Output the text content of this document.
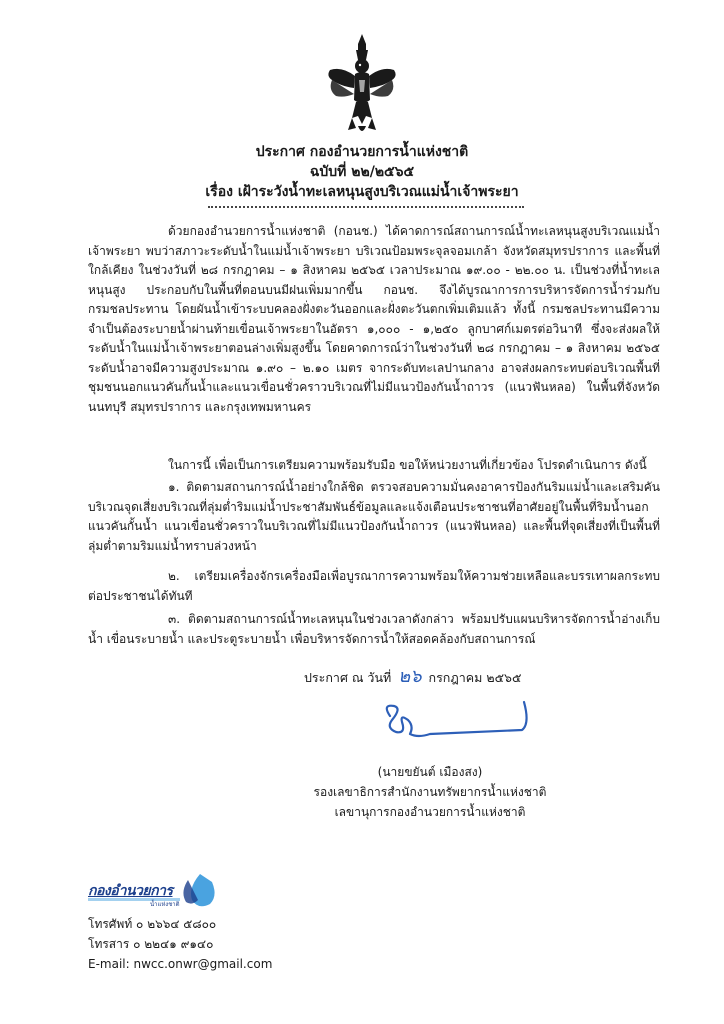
ประกาศ กองอำนวยการน้ำแห่งชาติ
ฉบับที่ ๒๒/๒๕๖๕
เรื่อง เฝ้าระวังน้ำทะเลหนุนสูงบริเวณแม่น้ำเจ้าพระยา

ด้วยกองอำนวยการน้ำแห่งชาติ (กอนช.) ได้คาดการณ์สถานการณ์น้ำทะเลหนุนสูงบริเวณแม่น้ำเจ้าพระยา พบว่าสภาวะระดับน้ำในแม่น้ำเจ้าพระยา บริเวณป้อมพระจุลจอมเกล้า จังหวัดสมุทรปราการ และพื้นที่ใกล้เคียง ในช่วงวันที่ ๒๘ กรกฎาคม – ๑ สิงหาคม ๒๕๖๕ เวลาประมาณ ๑๙.๐๐ - ๒๒.๐๐ น. เป็นช่วงที่น้ำทะเลหนุนสูง ประกอบกับในพื้นที่ตอนบนมีฝนเพิ่มมากขึ้น กอนช. จึงได้บูรณาการการบริหารจัดการน้ำร่วมกับกรมชลประทาน โดยผันน้ำเข้าระบบคลองฝั่งตะวันออกและฝั่งตะวันตกเพิ่มเติมแล้ว ทั้งนี้ กรมชลประทานมีความจำเป็นต้องระบายน้ำผ่านท้ายเขื่อนเจ้าพระยาในอัตรา ๑,๐๐๐ - ๑,๒๕๐ ลูกบาศก์เมตรต่อวินาที ซึ่งจะส่งผลให้ระดับน้ำในแม่น้ำเจ้าพระยาตอนล่างเพิ่มสูงขึ้น โดยคาดการณ์ว่าในช่วงวันที่ ๒๘ กรกฎาคม – ๑ สิงหาคม ๒๕๖๕ ระดับน้ำอาจมีความสูงประมาณ ๑.๙๐ – ๒.๑๐ เมตร จากระดับทะเลปานกลาง อาจส่งผลกระทบต่อบริเวณพื้นที่ชุมชนนอกแนวคันกั้นน้ำและแนวเขื่อนชั่วคราวบริเวณที่ไม่มีแนวป้องกันน้ำถาวร (แนวฟันหลอ) ในพื้นที่จังหวัดนนทบุรี สมุทรปราการ และกรุงเทพมหานคร

ในการนี้ เพื่อเป็นการเตรียมความพร้อมรับมือ ขอให้หน่วยงานที่เกี่ยวข้อง โปรดดำเนินการ ดังนี้

๑. ติดตามสถานการณ์น้ำอย่างใกล้ชิด ตรวจสอบความมั่นคงอาคารป้องกันริมแม่น้ำและเสริมคันบริเวณจุดเสี่ยงบริเวณที่ลุ่มต่ำริมแม่น้ำประชาสัมพันธ์ข้อมูลและแจ้งเตือนประชาชนที่อาศัยอยู่ในพื้นที่ริมน้ำนอกแนวคันกั้นน้ำ แนวเขื่อนชั่วคราวในบริเวณที่ไม่มีแนวป้องกันน้ำถาวร (แนวฟันหลอ) และพื้นที่จุดเสี่ยงที่เป็นพื้นที่ลุ่มต่ำตามริมแม่น้ำทราบล่วงหน้า

๒. เตรียมเครื่องจักรเครื่องมือเพื่อบูรณาการความพร้อมให้ความช่วยเหลือและบรรเทาผลกระทบต่อประชาชนได้ทันที

๓. ติดตามสถานการณ์น้ำทะเลหนุนในช่วงเวลาดังกล่าว พร้อมปรับแผนบริหารจัดการน้ำอ่างเก็บน้ำ เขื่อนระบายน้ำ และประตูระบายน้ำ เพื่อบริหารจัดการน้ำให้สอดคล้องกับสถานการณ์

ประกาศ ณ วันที่ ๒๖ กรกฎาคม ๒๕๖๕
(นายขยันต์ เมืองสง)
รองเลขาธิการสำนักงานทรัพยากรน้ำแห่งชาติ
เลขานุการกองอำนวยการน้ำแห่งชาติ
กองอำนวยการ
น้ำแห่งชาติ
โทรศัพท์ ๐ ๒๖๖๔ ๕๘๐๐
โทรสาร ๐ ๒๒๔๑ ๙๑๔๐
E-mail: nwcc.onwr@gmail.com
